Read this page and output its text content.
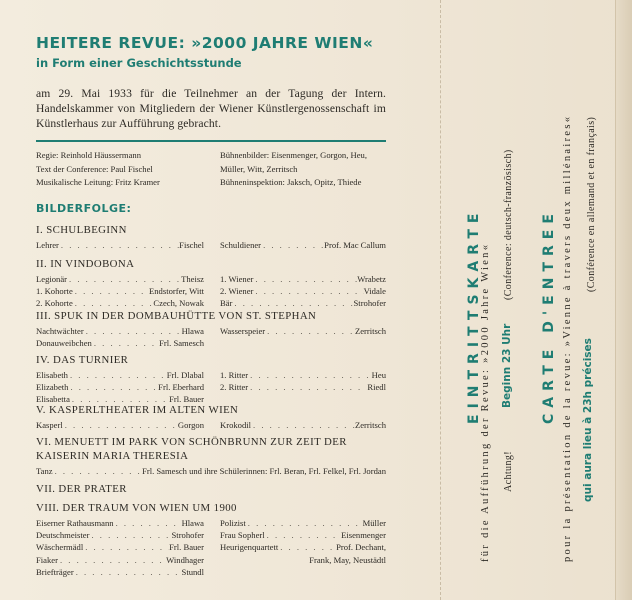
HEITERE REVUE: »2000 JAHRE WIEN«
in Form einer Geschichtsstunde
am 29. Mai 1933 für die Teilnehmer an der Tagung der Intern. Handelskammer von Mitgliedern der Wiener Künstlergenossenschaft im Künstlerhaus zur Aufführung gebracht.
Regie: Reinhold Häussermann
Text der Conference: Paul Fischel
Musikalische Leitung: Fritz Kramer
Bühnenbilder: Eisenmenger, Gorgon, Heu,
Müller, Witt, Zerritsch
Bühneninspektion: Jaksch, Opitz, Thiede
BILDERFOLGE:
I. SCHULBEGINN
Lehrer . . .	Fischel Schuldiener . . .	Prof. Mac Callum
II. IN VINDOBONA
Legionär . . .	Theisz
1. Kohorte . . .	Endstorfer, Witt
2. Kohorte . . .	Czech, Nowak
1. Wiener . . .	Wrabetz
2. Wiener . . .	Vidale
Bär . . .	Strohofer
III. SPUK IN DER DOMBAUHÜTTE VON ST. STEPHAN
Nachtwächter . . .	Hlawa
Donauweibchen . . .	Frl. Samesch
Wasserspeier . . .	Zerritsch
IV. DAS TURNIER
Elisabeth . . .	Frl. Dlabal
Elizabeth . . .	Frl. Eberhard
Elisabetta . . .	Frl. Bauer
1. Ritter . . .	Heu
2. Ritter . . .	Riedl
V. KASPERLTHEATER IM ALTEN WIEN
Kasperl . . .	Gorgon Krokodil . . .	Zerritsch
VI. MENUETT IM PARK VON SCHÖNBRUNN ZUR ZEIT DER
KAISERIN MARIA THERESIA
Tanz . . .	Frl. Samesch und ihre Schülerinnen: Frl. Beran, Frl. Felkel, Frl. Jordan
VII. DER PRATER
VIII. DER TRAUM VON WIEN UM 1900
Eiserner Rathausmann . . .	Hlawa
Deutschmeister . . .	Strohofer
Wäschermädl . . .	Frl. Bauer
Fiaker . . .	Windhager
Briefträger . . .	Stundl
Polizist . . .	Müller
Frau Sopherl . . .	Eisenmenger
Heurigenquartett . . .	Prof. Dechant,
Frank, May, Neustädtl
EINTRITTSKARTE
für die Aufführung der Revue: »2000 Jahre Wien«
(Conference: deutsch-französisch)
Achtung!
Beginn 23 Uhr CARTE D'ENTREE pour la présentation de la revue: »Vienne à travers deux millénaires« (Conférence en allemand et en français)
qui aura lieu à 23h précises
